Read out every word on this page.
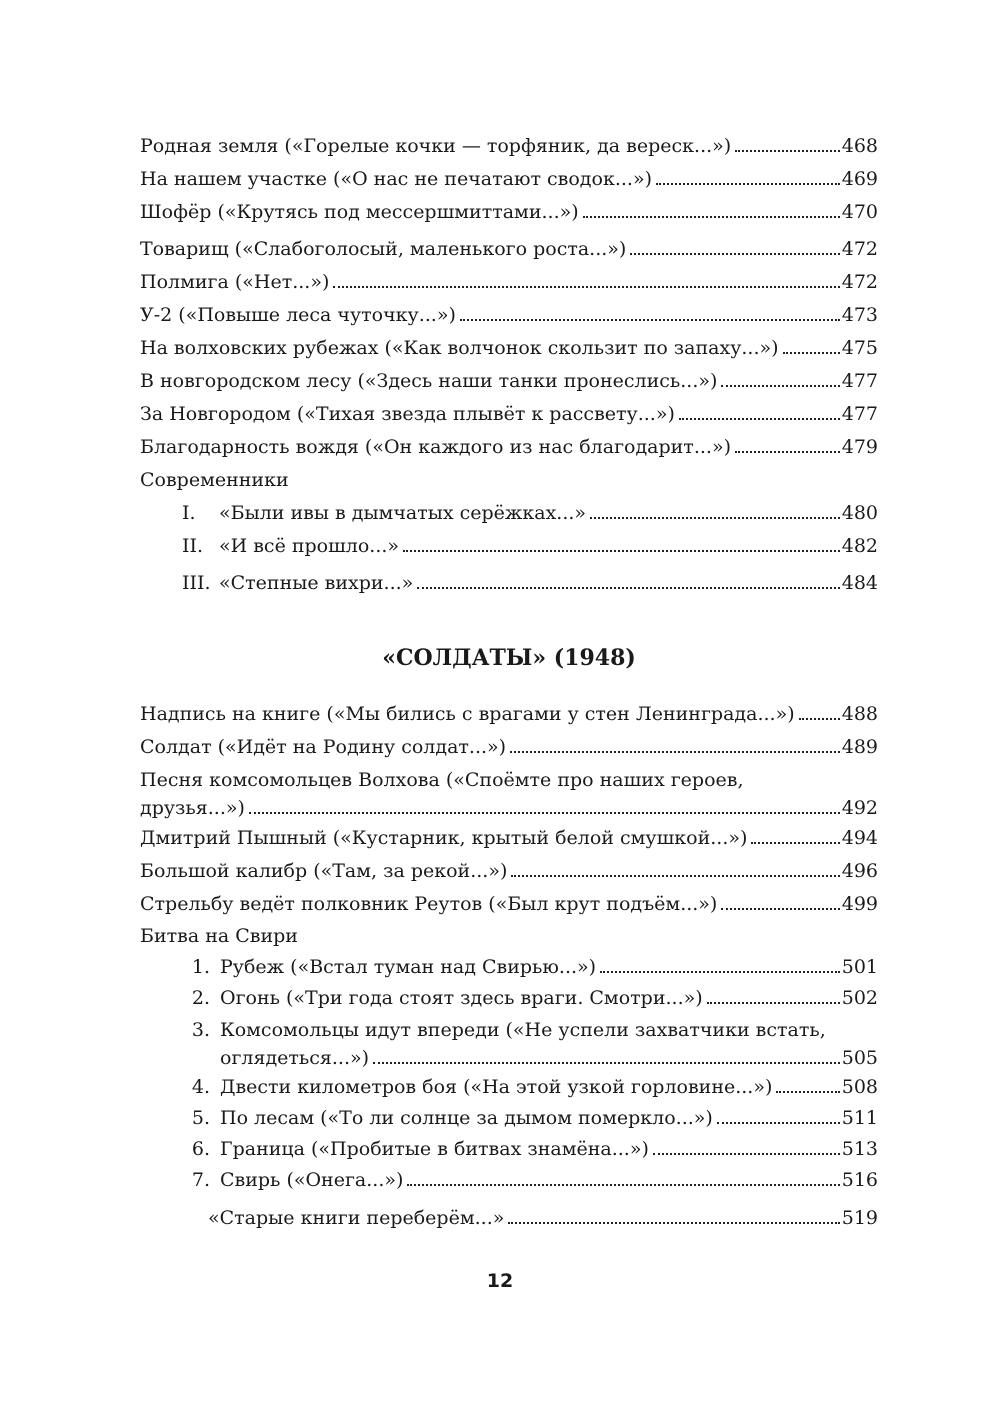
Родная земля («Горелые кочки — торфяник, да вереск...»)	468
На нашем участке («О нас не печатают сводок...»)	469
Шофёр («Крутясь под мессершмиттами...»)	470
Товарищ («Слабоголосый, маленького роста...»)	472
Полмига («Нет...»)	472
У-2 («Повыше леса чуточку...»)	473
На волховских рубежах («Как волчонок скользит по запаху...»)	475
В новгородском лесу («Здесь наши танки пронеслись...»)	477
За Новгородом («Тихая звезда плывёт к рассвету...»)	477
Благодарность вождя («Он каждого из нас благодарит...»)	479
Современники
I.	«Были ивы в дымчатых серёжках...»	480
II. «И всё прошло...»	482
III. «Степные вихри...»	484
«СОЛДАТЫ» (1948)
Надпись на книге («Мы бились с врагами у стен Ленинграда...») 488
Солдат («Идёт на Родину солдат...»)	489
Песня комсомольцев Волхова («Споёмте про наших героев,
друзья...»)	492
Дмитрий Пышный («Кустарник, крытый белой смушкой...»)	494
Большой калибр («Там, за рекой...»)	496
Стрельбу ведёт полковник Реутов («Был крут подъём...»)	499
Битва на Свири
1. Рубеж («Встал туман над Свирью...»)	501
2. Огонь («Три года стоят здесь враги. Смотри...»)	502
3. Комсомольцы идут впереди («Не успели захватчики встать,
оглядеться...»)	505
4. Двести километров боя («На этой узкой горловине...»)	508
5. По лесам («То ли солнце за дымом померкло...»)	511
6. Граница («Пробитые в битвах знамёна...»)	513
7. Свирь («Онега...»)	516
«Старые книги переберём...»	519
12
